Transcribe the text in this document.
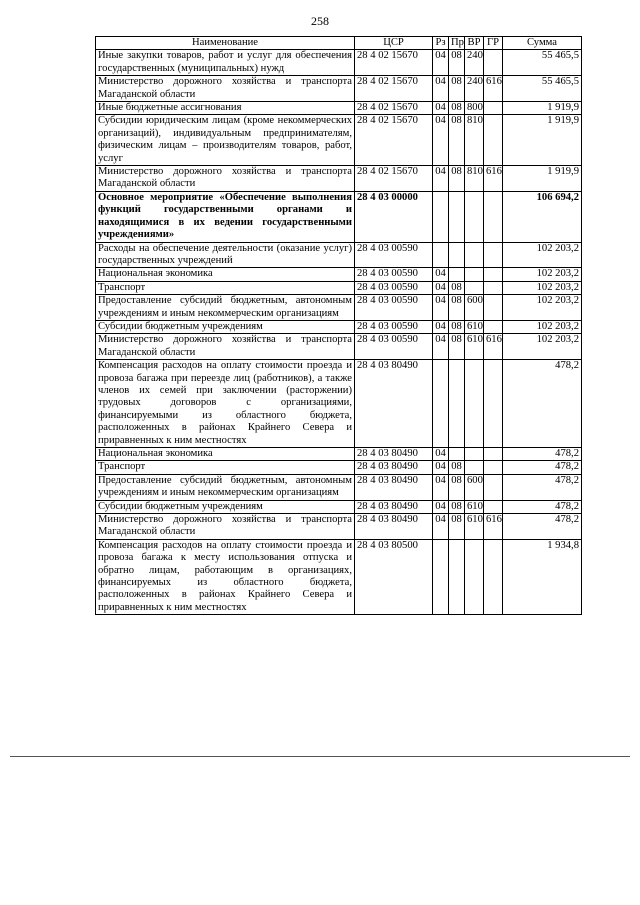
258
Наименование	ЦСР	Рз	Пр	ВР	ГР	Сумма
Иные закупки товаров, работ и услуг для обеспечения государственных (муниципальных) нужд	28 4 02 15670	04	08	240		55 465,5
Министерство дорожного хозяйства и транспорта Магаданской области	28 4 02 15670	04	08	240	616	55 465,5
Иные бюджетные ассигнования	28 4 02 15670	04	08	800		1 919,9
Субсидии юридическим лицам (кроме некоммерческих организаций), индивидуальным предпринимателям, физическим лицам – производителям товаров, работ, услуг	28 4 02 15670	04	08	810		1 919,9
Министерство дорожного хозяйства и транспорта Магаданской области	28 4 02 15670	04	08	810	616	1 919,9
Основное мероприятие «Обеспечение выполнения функций государственными органами и находящимися в их ведении государственными учреждениями»	28 4 03 00000					106 694,2
Расходы на обеспечение деятельности (оказание услуг) государственных учреждений	28 4 03 00590					102 203,2
Национальная экономика	28 4 03 00590	04				102 203,2
Транспорт	28 4 03 00590	04	08			102 203,2
Предоставление субсидий бюджетным, автономным учреждениям и иным некоммерческим организациям	28 4 03 00590	04	08	600		102 203,2
Субсидии бюджетным учреждениям	28 4 03 00590	04	08	610		102 203,2
Министерство дорожного хозяйства и транспорта Магаданской области	28 4 03 00590	04	08	610	616	102 203,2
Компенсация расходов на оплату стоимости проезда и провоза багажа при переезде лиц (работников), а также членов их семей при заключении (расторжении) трудовых договоров с организациями, финансируемыми из областного бюджета, расположенных в районах Крайнего Севера и приравненных к ним местностях	28 4 03 80490					478,2
Национальная экономика	28 4 03 80490	04				478,2
Транспорт	28 4 03 80490	04	08			478,2
Предоставление субсидий бюджетным, автономным учреждениям и иным некоммерческим организациям	28 4 03 80490	04	08	600		478,2
Субсидии бюджетным учреждениям	28 4 03 80490	04	08	610		478,2
Министерство дорожного хозяйства и транспорта Магаданской области	28 4 03 80490	04	08	610	616	478,2
Компенсация расходов на оплату стоимости проезда и провоза багажа к месту использования отпуска и обратно лицам, работающим в организациях, финансируемых из областного бюджета, расположенных в районах Крайнего Севера и приравненных к ним местностях	28 4 03 80500					1 934,8
